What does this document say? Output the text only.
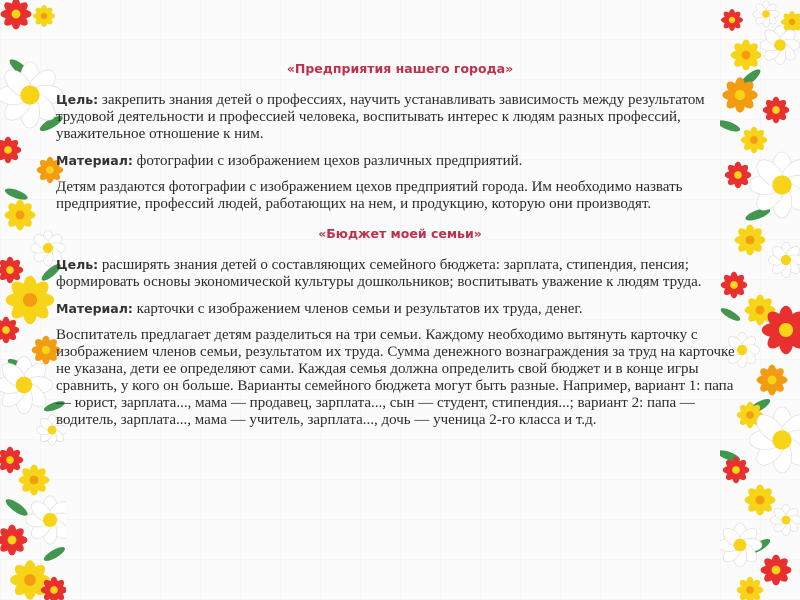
«Предприятия нашего города»

Цель: закрепить знания детей о профессиях, научить устанавливать зависимость между результатом трудовой деятельности и профессией человека, воспитывать интерес к людям разных профессий, уважительное отношение к ним.

Материал: фотографии с изображением цехов различных предприятий.

Детям раздаются фотографии с изображением цехов предприятий города. Им необходимо назвать предприятие, профессий людей, работающих на нем, и продукцию, которую они производят.

«Бюджет моей семьи»

Цель: расширять знания детей о составляющих семейного бюджета: зарплата, стипендия, пенсия; формировать основы экономической культуры дошкольников; воспитывать уважение к людям труда.

Материал: карточки с изображением членов семьи и результатов их труда, денег.

Воспитатель предлагает детям разделиться на три семьи. Каждому необходимо вытянуть карточку с изображением членов семьи, результатом их труда. Сумма денежного вознаграждения за труд на карточке не указана, дети ее определяют сами. Каждая семья должна определить свой бюджет и в конце игры сравнить, у кого он больше. Варианты семейного бюджета могут быть разные. Например, вариант 1: папа — юрист, зарплата..., мама — продавец, зарплата..., сын — студент, стипендия...; вариант 2: папа — водитель, зарплата..., мама — учитель, зарплата..., дочь — ученица 2-го класса и т.д.
